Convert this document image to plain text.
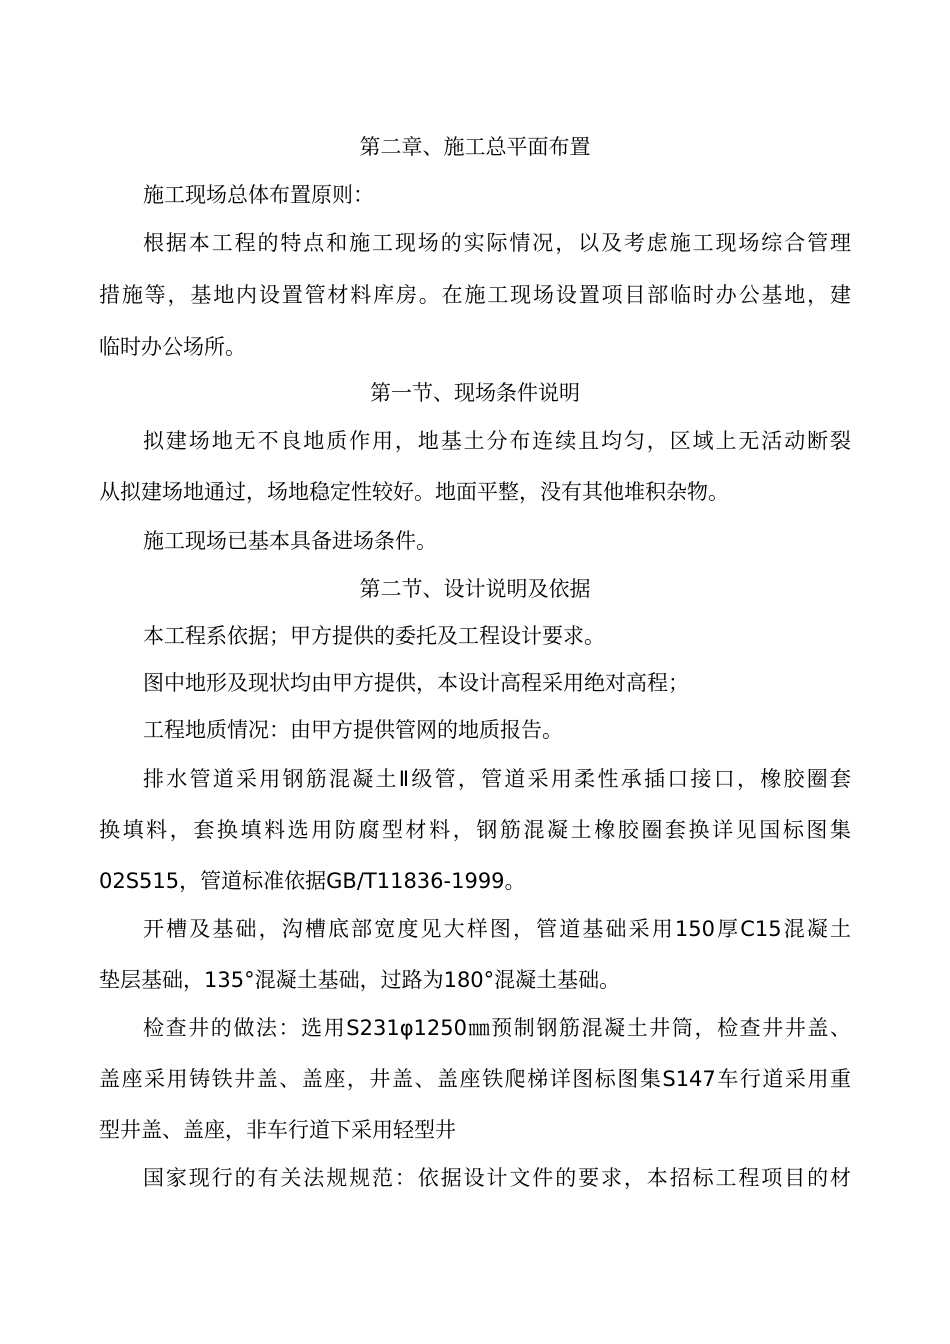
第二章、施工总平面布置

施工现场总体布置原则：

根据本工程的特点和施工现场的实际情况，以及考虑施工现场综合管理

措施等，基地内设置管材料库房。在施工现场设置项目部临时办公基地，建

临时办公场所。

第一节、现场条件说明

拟建场地无不良地质作用，地基土分布连续且均匀，区域上无活动断裂

从拟建场地通过，场地稳定性较好。地面平整，没有其他堆积杂物。

施工现场已基本具备进场条件。

第二节、设计说明及依据

本工程系依据；甲方提供的委托及工程设计要求。

图中地形及现状均由甲方提供，本设计高程采用绝对高程；

工程地质情况：由甲方提供管网的地质报告。

排水管道采用钢筋混凝土Ⅱ级管，管道采用柔性承插口接口，橡胶圈套

换填料，套换填料选用防腐型材料，钢筋混凝土橡胶圈套换详见国标图集

02S515，管道标准依据GB/T11836-1999。

开槽及基础，沟槽底部宽度见大样图，管道基础采用150厚C15混凝土

垫层基础，135°混凝土基础，过路为180°混凝土基础。

检查井的做法：选用S231φ1250㎜预制钢筋混凝土井筒，检查井井盖、

盖座采用铸铁井盖、盖座，井盖、盖座铁爬梯详图标图集S147车行道采用重

型井盖、盖座，非车行道下采用轻型井

国家现行的有关法规规范：依据设计文件的要求，本招标工程项目的材
